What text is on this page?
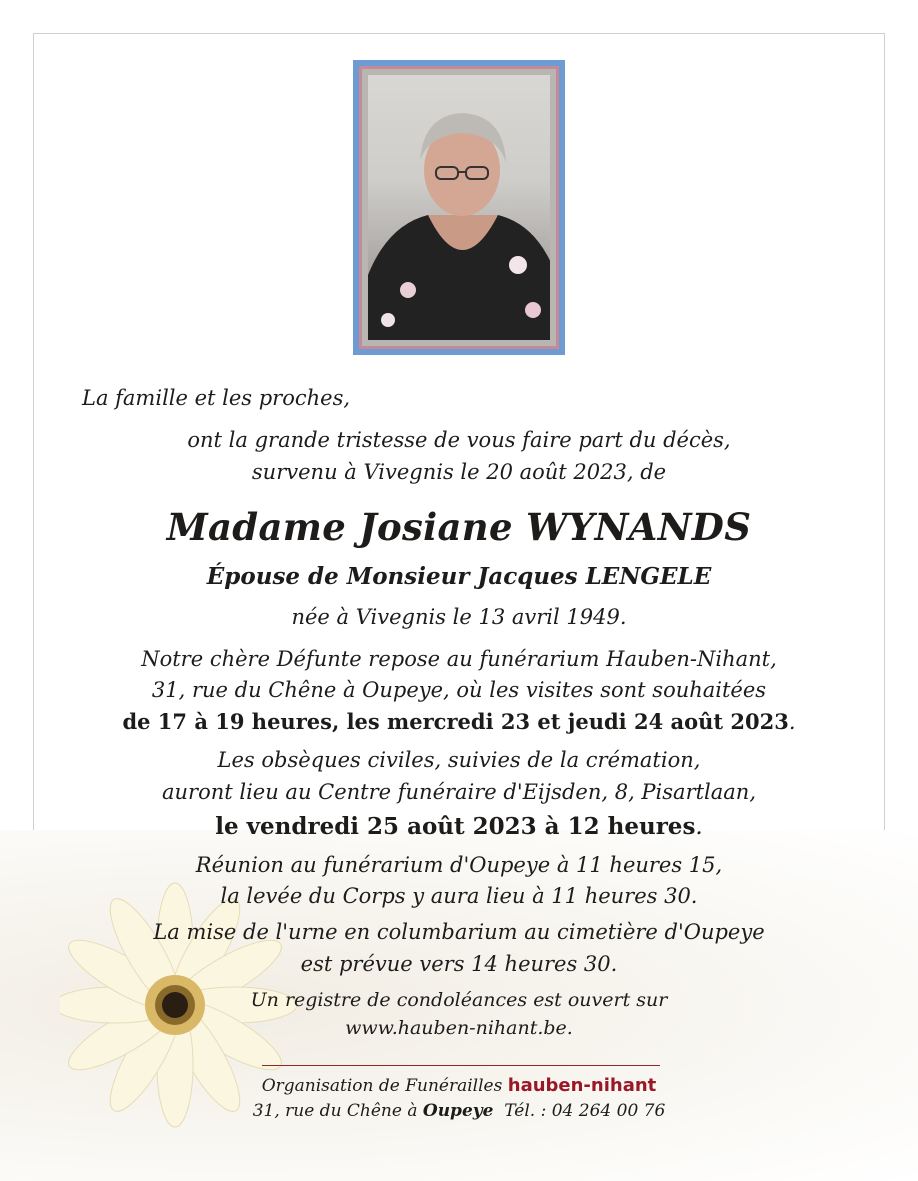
La famille et les proches,
ont la grande tristesse de vous faire part du décès,
survenu à Vivegnis le 20 août 2023, de
Madame Josiane WYNANDS
Épouse de Monsieur Jacques LENGELE
née à Vivegnis le 13 avril 1949.
Notre chère Défunte repose au funérarium Hauben-Nihant,
31, rue du Chêne à Oupeye, où les visites sont souhaitées
de 17 à 19 heures, les mercredi 23 et jeudi 24 août 2023.
Les obsèques civiles, suivies de la crémation,
auront lieu au Centre funéraire d'Eijsden, 8, Pisartlaan,
le vendredi 25 août 2023 à 12 heures.
Réunion au funérarium d'Oupeye à 11 heures 15,
la levée du Corps y aura lieu à 11 heures 30.
La mise de l'urne en columbarium au cimetière d'Oupeye
est prévue vers 14 heures 30.
Un registre de condoléances est ouvert sur
www.hauben-nihant.be.
Organisation de Funérailles hauben-nihant
31, rue du Chêne à Oupeye Tél. : 04 264 00 76
